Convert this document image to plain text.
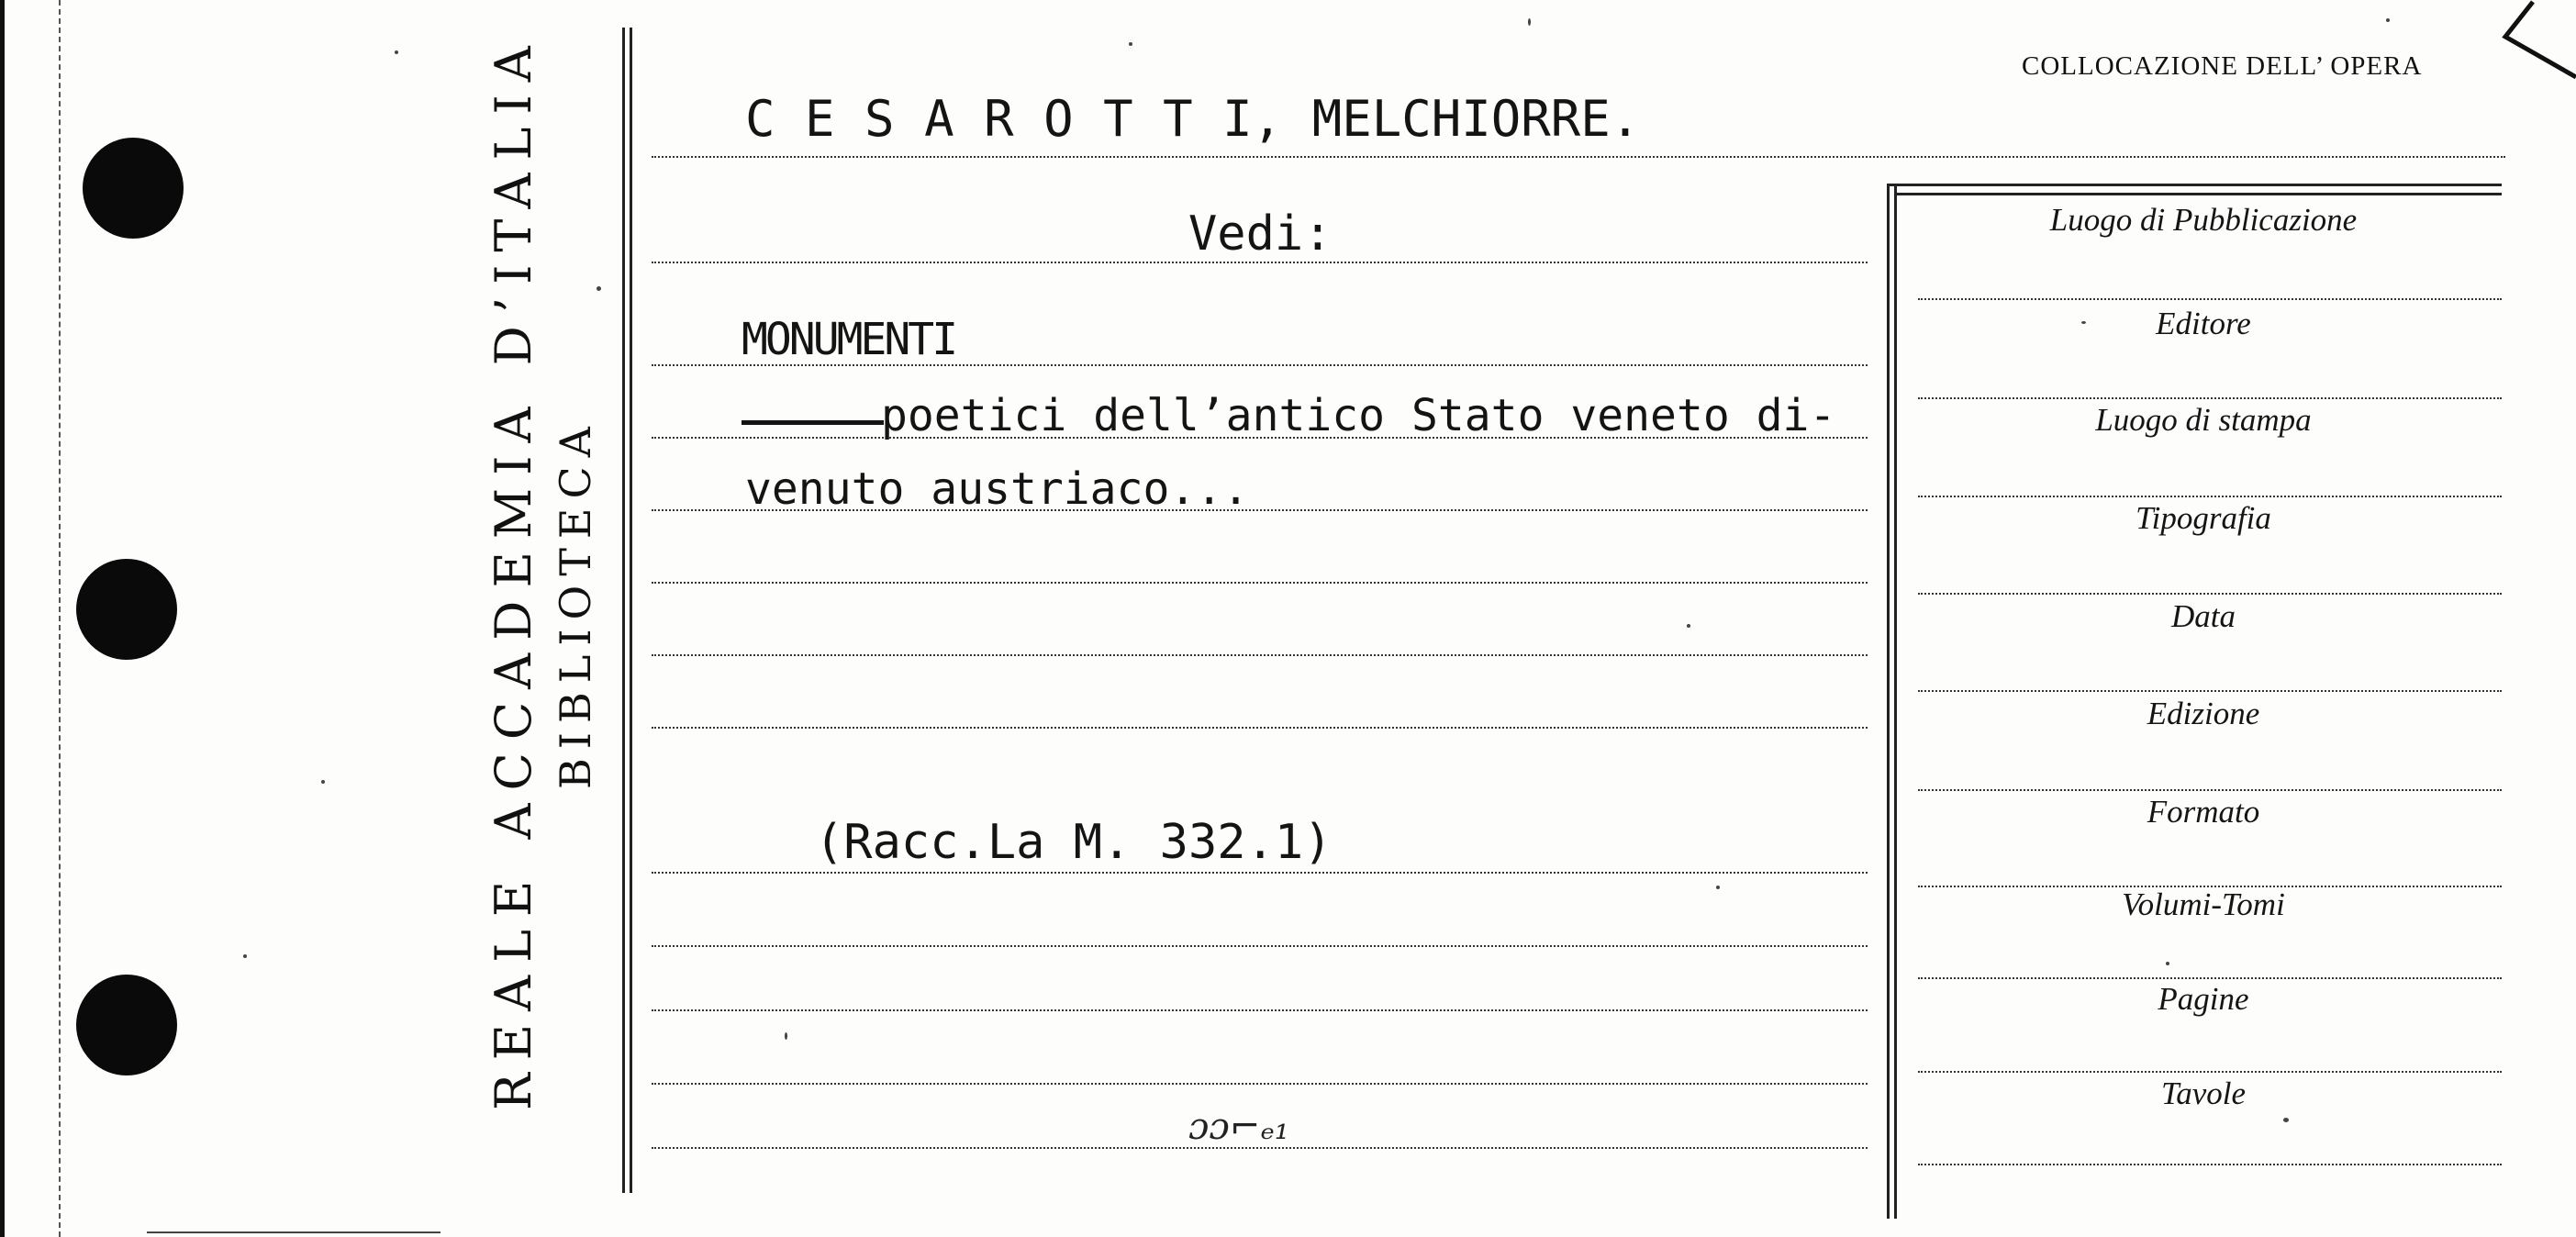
REALE ACCADEMIA D’ITALIA BIBLIOTECA
COLLOCAZIONE DELL’ OPERA
C E S A R O T T I, MELCHIORRE.
Vedi:
MONUMENTI
poetici dell’antico Stato veneto di-
venuto austriaco...
(Racc.La M. 332.1)
ɔɔ⌐ₑ₁
Luogo di Pubblicazione
Editore
Luogo di stampa
Tipografia
Data
Edizione
Formato
Volumi-Tomi
Pagine
Tavole
